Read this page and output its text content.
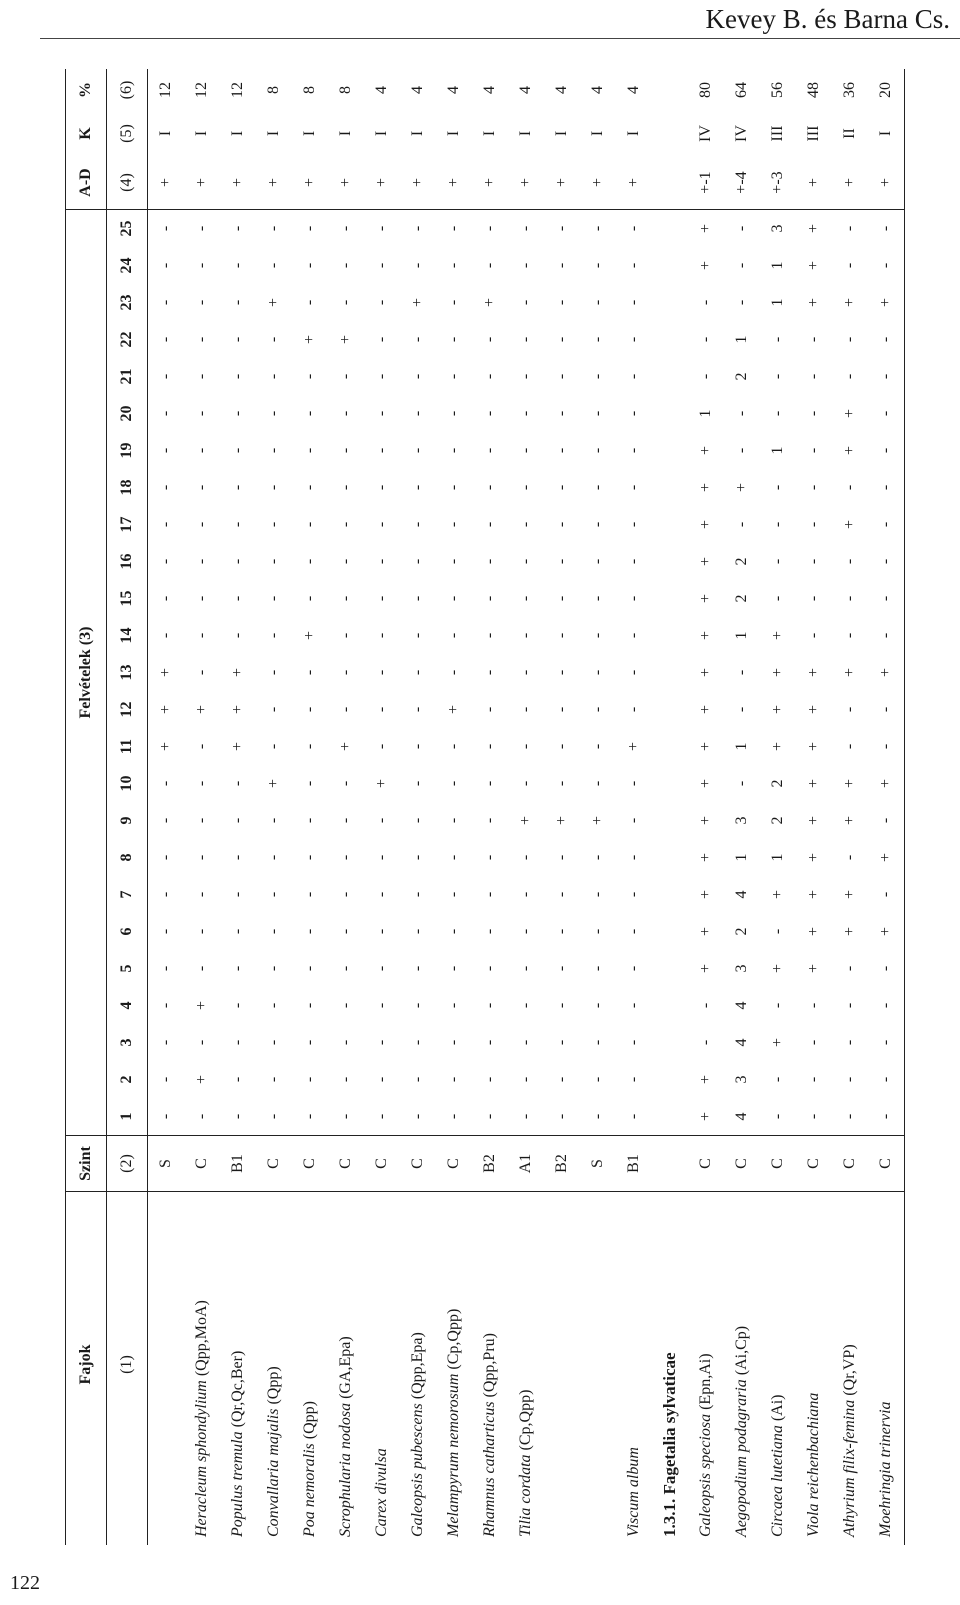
Kevey B. és Barna Cs.
122
Fajok	Szint	Felvételek (3)																									A-D	K	%
(1)	(2)	1	2	3	4	5	6	7	8	9	10	11	12	13	14	15	16	17	18	19	20	21	22	23	24	25	(4)	(5)	(6)
	S	-	-	-	-	-	-	-	-	-	-	+	+	+	-	-	-	-	-	-	-	-	-	-	-	-	+	I	12
Heracleum sphondylium (Qpp,MoA)	C	-	+	-	+	-	-	-	-	-	-	-	+	-	-	-	-	-	-	-	-	-	-	-	-	-	+	I	12
Populus tremula (Qr,Qc,Ber)	B1	-	-	-	-	-	-	-	-	-	-	+	+	+	-	-	-	-	-	-	-	-	-	-	-	-	+	I	12
Convallaria majalis (Qpp)	C	-	-	-	-	-	-	-	-	-	+	-	-	-	-	-	-	-	-	-	-	-	-	+	-	-	+	I	8
Poa nemoralis (Qpp)	C	-	-	-	-	-	-	-	-	-	-	-	-	-	+	-	-	-	-	-	-	-	+	-	-	-	+	I	8
Scrophularia nodosa (GA,Epa)	C	-	-	-	-	-	-	-	-	-	-	+	-	-	-	-	-	-	-	-	-	-	+	-	-	-	+	I	8
Carex divulsa	C	-	-	-	-	-	-	-	-	-	+	-	-	-	-	-	-	-	-	-	-	-	-	-	-	-	+	I	4
Galeopsis pubescens (Qpp,Epa)	C	-	-	-	-	-	-	-	-	-	-	-	-	-	-	-	-	-	-	-	-	-	-	+	-	-	+	I	4
Melampyrum nemorosum (Cp,Qpp)	C	-	-	-	-	-	-	-	-	-	-	-	+	-	-	-	-	-	-	-	-	-	-	-	-	-	+	I	4
Rhamnus catharticus (Qpp,Pru)	B2	-	-	-	-	-	-	-	-	-	-	-	-	-	-	-	-	-	-	-	-	-	-	+	-	-	+	I	4
Tilia cordata (Cp,Qpp)	A1	-	-	-	-	-	-	-	-	+	-	-	-	-	-	-	-	-	-	-	-	-	-	-	-	-	+	I	4
	B2	-	-	-	-	-	-	-	-	+	-	-	-	-	-	-	-	-	-	-	-	-	-	-	-	-	+	I	4
	S	-	-	-	-	-	-	-	-	+	-	-	-	-	-	-	-	-	-	-	-	-	-	-	-	-	+	I	4
Viscum album	B1	-	-	-	-	-	-	-	-	-	-	+	-	-	-	-	-	-	-	-	-	-	-	-	-	-	+	I	4
1.3.1. Fagetalia sylvaticae																													
Galeopsis speciosa (Epn,Ai)	C	+	+	-	-	+	+	+	+	+	+	+	+	+	+	+	+	+	+	+	1	-	-	-	+	+	+-1	IV	80
Aegopodium podagraria (Ai,Cp)	C	4	3	4	4	3	2	4	1	3	-	1	-	-	1	2	2	-	+	-	-	2	1	-	-	-	+-4	IV	64
Circaea lutetiana (Ai)	C	-	-	+	-	+	-	+	1	2	2	+	+	+	+	-	-	-	-	1	-	-	-	1	1	3	+-3	III	56
Viola reichenbachiana	C	-	-	-	-	+	+	+	+	+	+	+	+	+	-	-	-	-	-	-	-	-	-	+	+	+	+	III	48
Athyrium filix-femina (Qr,VP)	C	-	-	-	-	-	+	+	-	+	+	-	-	+	-	-	-	+	-	+	+	-	-	+	-	-	+	II	36
Moehringia trinervia	C	-	-	-	-	-	+	-	+	-	+	-	-	+	-	-	-	-	-	-	-	-	-	+	-	-	+	I	20
